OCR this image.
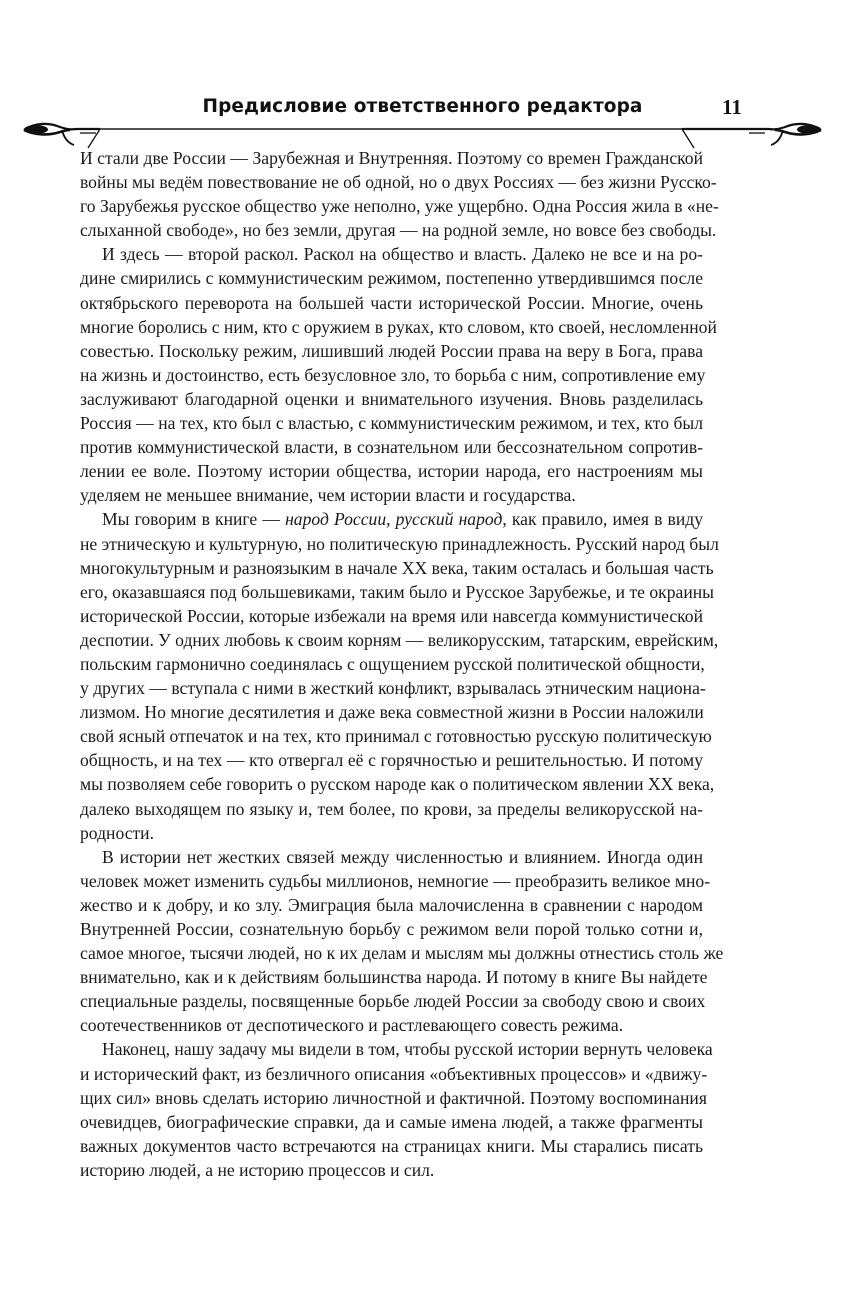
Предисловие ответственного редактора	11

И стали две России — Зарубежная и Внутренняя. Поэтому со времен Гражданской
войны мы ведём повествование не об одной, но о двух Россиях — без жизни Русско-
го Зарубежья русское общество уже неполно, уже ущербно. Одна Россия жила в «не-
слыханной свободе», но без земли, другая — на родной земле, но вовсе без свободы.

И здесь — второй раскол. Раскол на общество и власть. Далеко не все и на ро-
дине смирились с коммунистическим режимом, постепенно утвердившимся после
октябрьского переворота на большей части исторической России. Многие, очень
многие боролись с ним, кто с оружием в руках, кто словом, кто своей, несломленной
совестью. Поскольку режим, лишивший людей России права на веру в Бога, права
на жизнь и достоинство, есть безусловное зло, то борьба с ним, сопротивление ему
заслуживают благодарной оценки и внимательного изучения. Вновь разделилась
Россия — на тех, кто был с властью, с коммунистическим режимом, и тех, кто был
против коммунистической власти, в сознательном или бессознательном сопротив-
лении ее воле. Поэтому истории общества, истории народа, его настроениям мы
уделяем не меньшее внимание, чем истории власти и государства.

Мы говорим в книге — народ России, русский народ, как правило, имея в виду
не этническую и культурную, но политическую принадлежность. Русский народ был
многокультурным и разноязыким в начале XX века, таким осталась и большая часть
его, оказавшаяся под большевиками, таким было и Русское Зарубежье, и те окраины
исторической России, которые избежали на время или навсегда коммунистической
деспотии. У одних любовь к своим корням — великорусским, татарским, еврейским,
польским гармонично соединялась с ощущением русской политической общности,
у других — вступала с ними в жесткий конфликт, взрывалась этническим национа-
лизмом. Но многие десятилетия и даже века совместной жизни в России наложили
свой ясный отпечаток и на тех, кто принимал с готовностью русскую политическую
общность, и на тех — кто отвергал её с горячностью и решительностью. И потому
мы позволяем себе говорить о русском народе как о политическом явлении XX века,
далеко выходящем по языку и, тем более, по крови, за пределы великорусской на-
родности.

В истории нет жестких связей между численностью и влиянием. Иногда один
человек может изменить судьбы миллионов, немногие — преобразить великое мно-
жество и к добру, и ко злу. Эмиграция была малочисленна в сравнении с народом
Внутренней России, сознательную борьбу с режимом вели порой только сотни и,
самое многое, тысячи людей, но к их делам и мыслям мы должны отнестись столь же
внимательно, как и к действиям большинства народа. И потому в книге Вы найдете
специальные разделы, посвященные борьбе людей России за свободу свою и своих
соотечественников от деспотического и растлевающего совесть режима.

Наконец, нашу задачу мы видели в том, чтобы русской истории вернуть человека
и исторический факт, из безличного описания «объективных процессов» и «движу-
щих сил» вновь сделать историю личностной и фактичной. Поэтому воспоминания
очевидцев, биографические справки, да и самые имена людей, а также фрагменты
важных документов часто встречаются на страницах книги. Мы старались писать
историю людей, а не историю процессов и сил.
